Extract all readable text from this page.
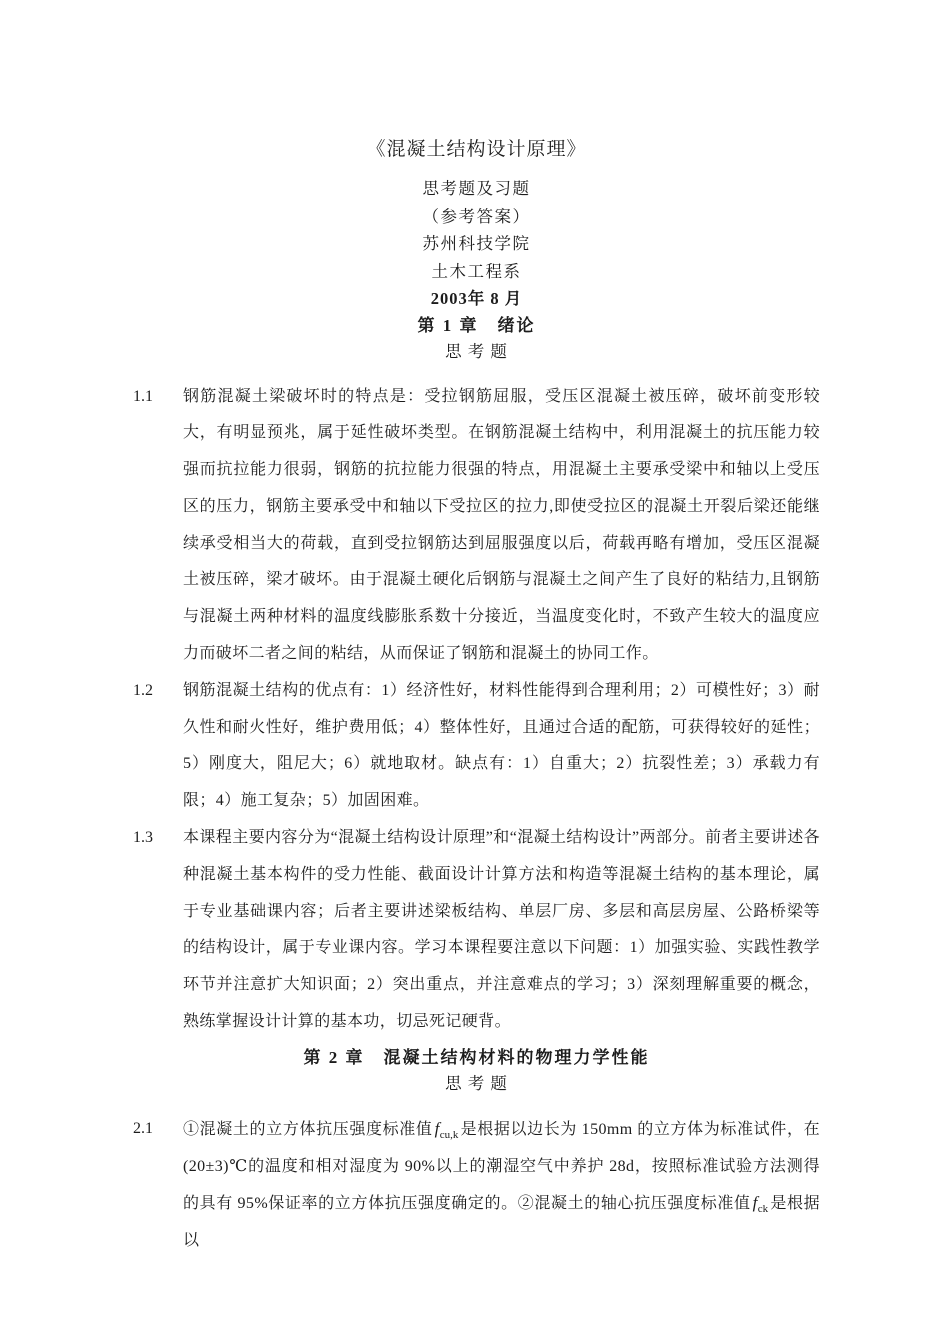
《混凝土结构设计原理》
思考题及习题
（参考答案）
苏州科技学院
土木工程系
2003年 8 月
第 1 章　绪论
思 考 题
1.1	钢筋混凝土梁破坏时的特点是：受拉钢筋屈服，受压区混凝土被压碎，破坏前变形较大，有明显预兆，属于延性破坏类型。在钢筋混凝土结构中，利用混凝土的抗压能力较强而抗拉能力很弱，钢筋的抗拉能力很强的特点，用混凝土主要承受梁中和轴以上受压区的压力，钢筋主要承受中和轴以下受拉区的拉力,即使受拉区的混凝土开裂后梁还能继续承受相当大的荷载，直到受拉钢筋达到屈服强度以后，荷载再略有增加，受压区混凝土被压碎，梁才破坏。由于混凝土硬化后钢筋与混凝土之间产生了良好的粘结力,且钢筋与混凝土两种材料的温度线膨胀系数十分接近，当温度变化时，不致产生较大的温度应力而破坏二者之间的粘结，从而保证了钢筋和混凝土的协同工作。
1.2	钢筋混凝土结构的优点有：1）经济性好，材料性能得到合理利用；2）可模性好；3）耐久性和耐火性好，维护费用低；4）整体性好，且通过合适的配筋，可获得较好的延性；5）刚度大，阻尼大；6）就地取材。缺点有：1）自重大；2）抗裂性差；3）承载力有限；4）施工复杂；5）加固困难。
1.3	本课程主要内容分为“混凝土结构设计原理”和“混凝土结构设计”两部分。前者主要讲述各种混凝土基本构件的受力性能、截面设计计算方法和构造等混凝土结构的基本理论，属于专业基础课内容；后者主要讲述梁板结构、单层厂房、多层和高层房屋、公路桥梁等的结构设计，属于专业课内容。学习本课程要注意以下问题：1）加强实验、实践性教学环节并注意扩大知识面；2）突出重点，并注意难点的学习；3）深刻理解重要的概念，熟练掌握设计计算的基本功，切忌死记硬背。
第 2 章　混凝土结构材料的物理力学性能
思 考 题
2.1	①混凝土的立方体抗压强度标准值 $f_{cu,k}$ 是根据以边长为 150mm 的立方体为标准试件，在(20±3)℃的温度和相对湿度为 90%以上的潮湿空气中养护 28d，按照标准试验方法测得的具有 95%保证率的立方体抗压强度确定的。②混凝土的轴心抗压强度标准值 $f_{ck}$ 是根据以
